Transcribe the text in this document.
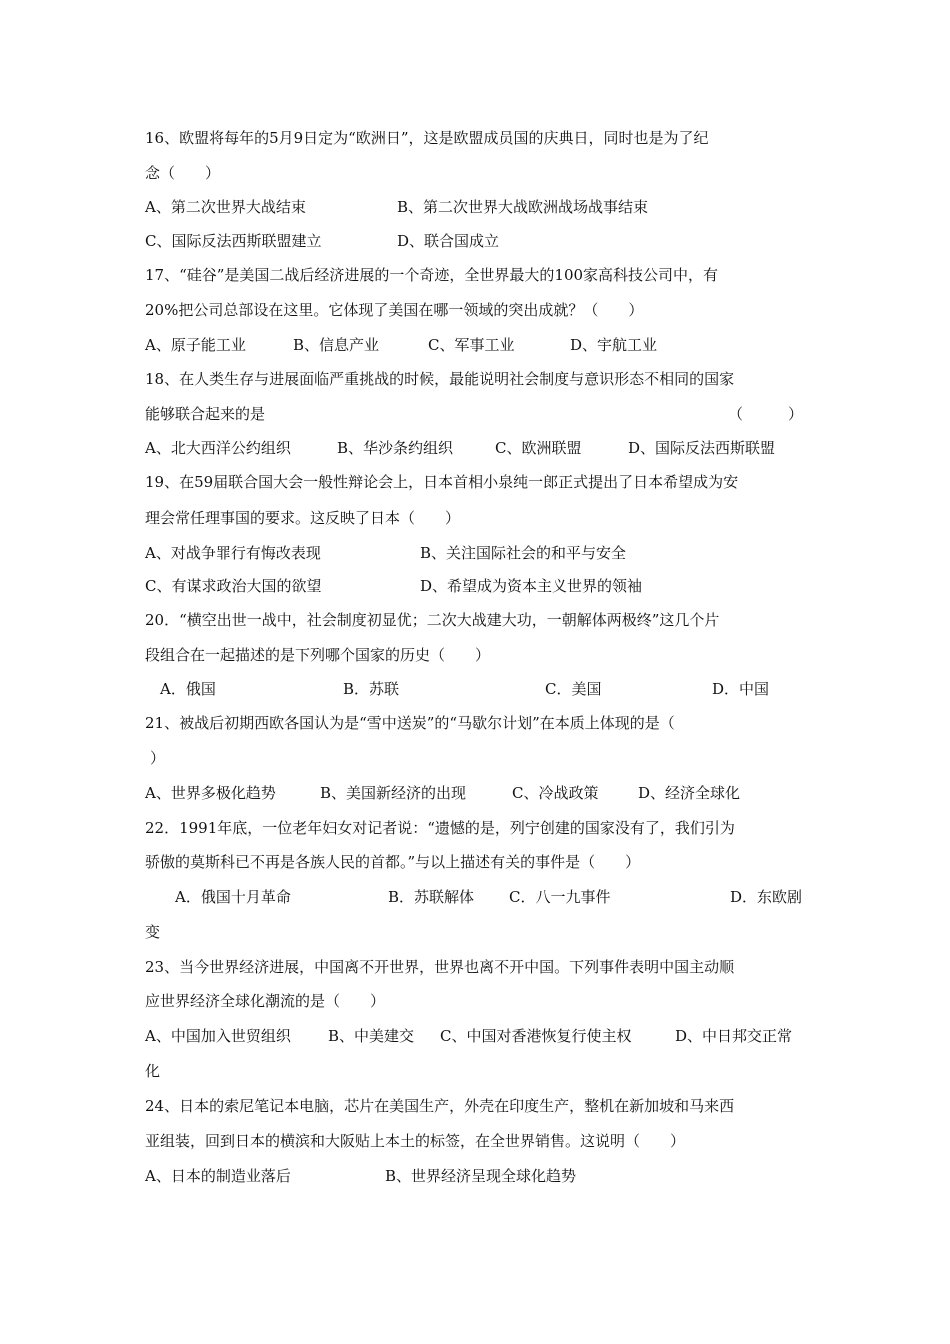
16、欧盟将每年的5月9日定为“欧洲日”，这是欧盟成员国的庆典日，同时也是为了纪
念（　　）
A、第二次世界大战结束	B、第二次世界大战欧洲战场战事结束
C、国际反法西斯联盟建立	D、联合国成立
17、“硅谷”是美国二战后经济进展的一个奇迹，全世界最大的100家高科技公司中，有
20%把公司总部设在这里。它体现了美国在哪一领域的突出成就？（　　）
A、原子能工业	B、信息产业	C、军事工业	D、宇航工业
18、在人类生存与进展面临严重挑战的时候，最能说明社会制度与意识形态不相同的国家
能够联合起来的是	（　　　）
A、北大西洋公约组织	B、华沙条约组织	C、欧洲联盟	D、国际反法西斯联盟
19、在59届联合国大会一般性辩论会上，日本首相小泉纯一郎正式提出了日本希望成为安
理会常任理事国的要求。这反映了日本（　　）
A、对战争罪行有悔改表现	B、关注国际社会的和平与安全
C、有谋求政治大国的欲望	D、希望成为资本主义世界的领袖
20．“横空出世一战中，社会制度初显优；二次大战建大功，一朝解体两极终”这几个片
段组合在一起描述的是下列哪个国家的历史（　　）
A．俄国	B．苏联	C．美国	D．中国
21、被战后初期西欧各国认为是“雪中送炭”的“马歇尔计划”在本质上体现的是（
）
A、世界多极化趋势	B、美国新经济的出现	C、冷战政策	D、经济全球化
22．1991年底，一位老年妇女对记者说：“遗憾的是，列宁创建的国家没有了，我们引为
骄傲的莫斯科已不再是各族人民的首都。”与以上描述有关的事件是（　　）
A．俄国十月革命	B．苏联解体 C．八一九事件	D．东欧剧
变
23、当今世界经济进展，中国离不开世界，世界也离不开中国。下列事件表明中国主动顺
应世界经济全球化潮流的是（　　）
A、中国加入世贸组织 B、中美建交 C、中国对香港恢复行使主权	D、中日邦交正常
化
24、日本的索尼笔记本电脑，芯片在美国生产，外壳在印度生产，整机在新加坡和马来西
亚组装，回到日本的横滨和大阪贴上本土的标签，在全世界销售。这说明（　　）
A、日本的制造业落后	B、世界经济呈现全球化趋势
